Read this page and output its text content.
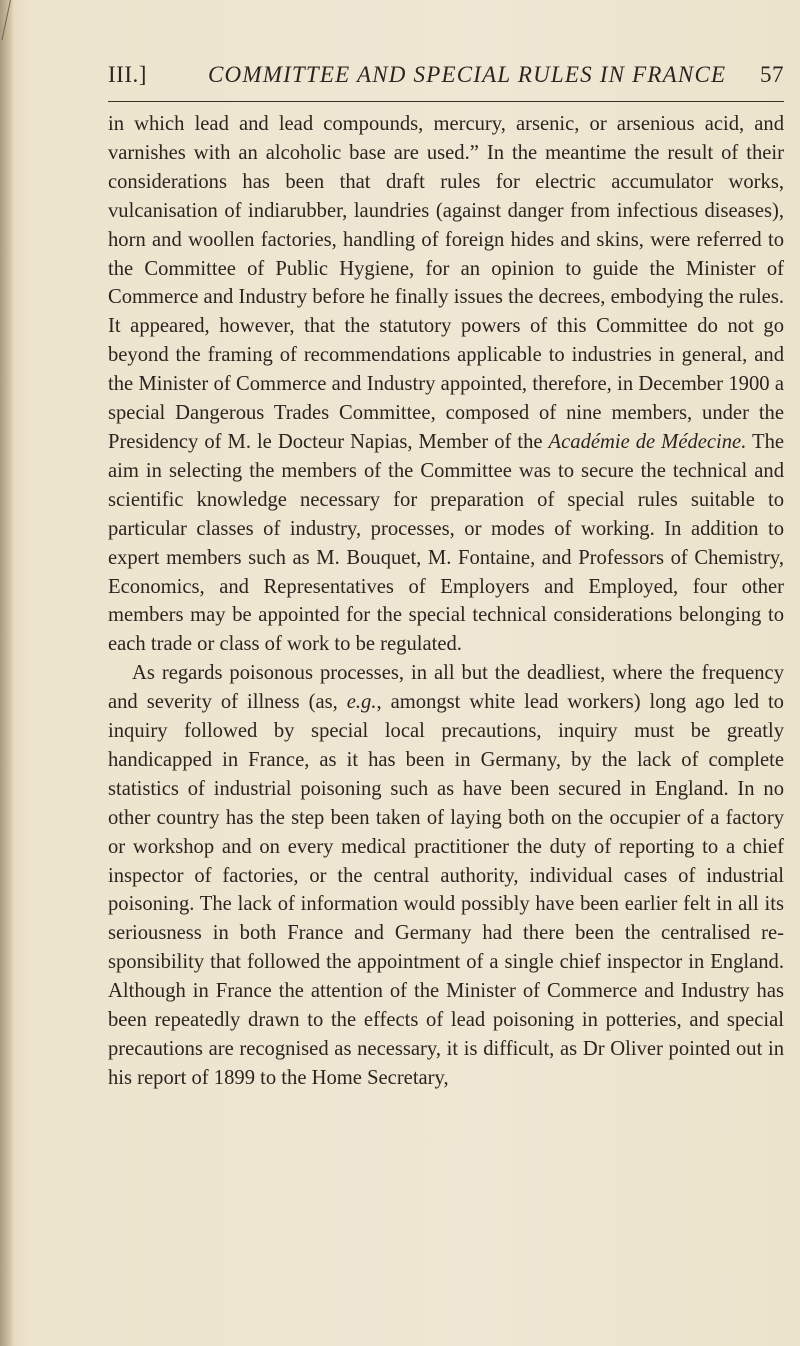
III.]	COMMITTEE AND SPECIAL RULES IN FRANCE 57

in which lead and lead compounds, mercury, arsenic, or arsenious acid, and varnishes with an alcoholic base are used.” In the meantime the result of their considerations has been that draft rules for electric accumulator works, vulcanisation of indiarubber, laundries (against danger from infectious diseases), horn and woollen factories, handling of foreign hides and skins, were referred to the Committee of Public Hygiene, for an opinion to guide the Minister of Commerce and Industry before he finally issues the decrees, embodying the rules. It appeared, however, that the statutory powers of this Committee do not go beyond the framing of recommendations applicable to industries in general, and the Minister of Commerce and Industry appointed, therefore, in December 1900 a special Dangerous Trades Committee, composed of nine members, under the Presidency of M. le Docteur Napias, Member of the Académie de Médecine. The aim in selecting the members of the Committee was to secure the technical and scientific knowledge necessary for preparation of special rules suitable to particular classes of industry, processes, or modes of working. In addition to expert members such as M. Bouquet, M. Fontaine, and Professors of Chemistry, Economics, and Representatives of Employers and Employed, four other members may be appointed for the special technical considerations belonging to each trade or class of work to be regulated.

As regards poisonous processes, in all but the deadliest, where the frequency and severity of illness (as, e.g., amongst white lead workers) long ago led to inquiry followed by special local precautions, inquiry must be greatly handicapped in France, as it has been in Germany, by the lack of complete statistics of industrial poisoning such as have been secured in England. In no other country has the step been taken of laying both on the occupier of a factory or workshop and on every medical practitioner the duty of reporting to a chief inspector of factories, or the central authority, individual cases of industrial poisoning. The lack of information would possibly have been earlier felt in all its seriousness in both France and Germany had there been the centralised responsibility that followed the appointment of a single chief inspector in England. Although in France the attention of the Minister of Commerce and Industry has been repeatedly drawn to the effects of lead poisoning in potteries, and special precautions are recognised as necessary, it is difficult, as Dr Oliver pointed out in his report of 1899 to the Home Secretary,
